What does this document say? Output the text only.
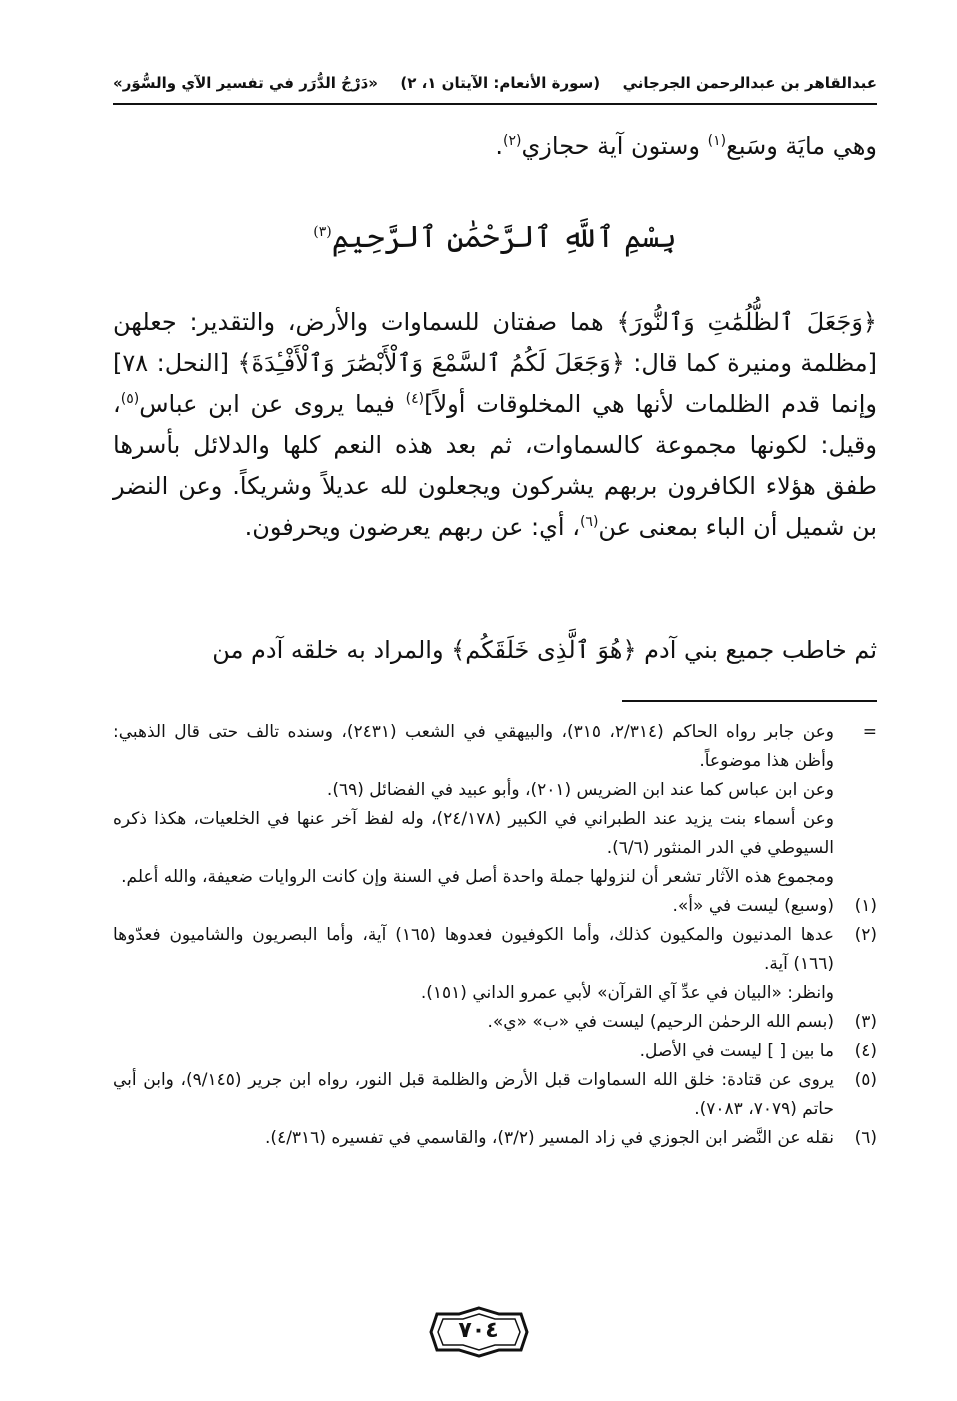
عبدالقاهر بن عبدالرحمن الجرجاني
(سورة الأنعام: الآيتان ١، ٢)
«دَرْجُ الدُّرَر في تفسير الآي والسُّوَر»
وهي مايَة وسَبع$^{(١)}$ وستون آية حجازي$^{(٢)}$.
بِسْمِ ٱللَّهِ ٱلرَّحْمَٰنِ ٱلرَّحِيمِ$^{(٣)}$
﴿وَجَعَلَ ٱلظُّلُمَٰتِ وَٱلنُّورَ﴾ هما صفتان للسماوات والأرض، والتقدير: جعلهن [مظلمة ومنيرة كما قال: ﴿وَجَعَلَ لَكُمُ ٱلسَّمْعَ وَٱلْأَبْصَٰرَ وَٱلْأَفْـِٔدَةَ﴾ [النحل: ٧٨] وإنما قدم الظلمات لأنها هي المخلوقات أولاً]$^{(٤)}$ فيما يروى عن ابن عباس$^{(٥)}$، وقيل: لكونها مجموعة كالسماوات، ثم بعد هذه النعم كلها والدلائل بأسرها طفق هؤلاء الكافرون بربهم يشركون ويجعلون لله عديلاً وشريكاً. وعن النضر بن شميل أن الباء بمعنى عن$^{(٦)}$، أي: عن ربهم يعرضون ويحرفون.
ثم خاطب جميع بني آدم ﴿هُوَ ٱلَّذِى خَلَقَكُم﴾ والمراد به خلقه آدم من

=
وعن جابر رواه الحاكم (٢/٣١٤، ٣١٥)، والبيهقي في الشعب (٢٤٣١)، وسنده تالف حتى قال الذهبي: وأظن هذا موضوعاً.

وعن ابن عباس كما عند ابن الضريس (٢٠١)، وأبو عبيد في الفضائل (٦٩).

وعن أسماء بنت يزيد عند الطبراني في الكبير (٢٤/١٧٨)، وله لفظ آخر عنها في الخلعيات، هكذا ذكره السيوطي في الدر المنثور (٦/٦).

ومجموع هذه الآثار تشعر أن لنزولها جملة واحدة أصل في السنة وإن كانت الروايات ضعيفة، والله أعلم.

(١)
(وسبع) ليست في «أ».
(٢)
عدها المدنيون والمكيون كذلك، وأما الكوفيون فعدوها (١٦٥) آية، وأما البصريون والشاميون فعدّوها (١٦٦) آية.
وانظر: «البيان في عدِّ آي القرآن» لأبي عمرو الداني (١٥١).
(٣)
(بسم الله الرحمٰن الرحيم) ليست في «ب» «ي».
(٤)
ما بين [ ] ليست في الأصل.
(٥)
يروى عن قتادة: خلق الله السماوات قبل الأرض والظلمة قبل النور، رواه ابن جرير (٩/١٤٥)، وابن أبي حاتم (٧٠٧٩، ٧٠٨٣).
(٦)
نقله عن النَّضر ابن الجوزي في زاد المسير (٣/٢)، والقاسمي في تفسيره (٤/٣١٦).
٧٠٤
